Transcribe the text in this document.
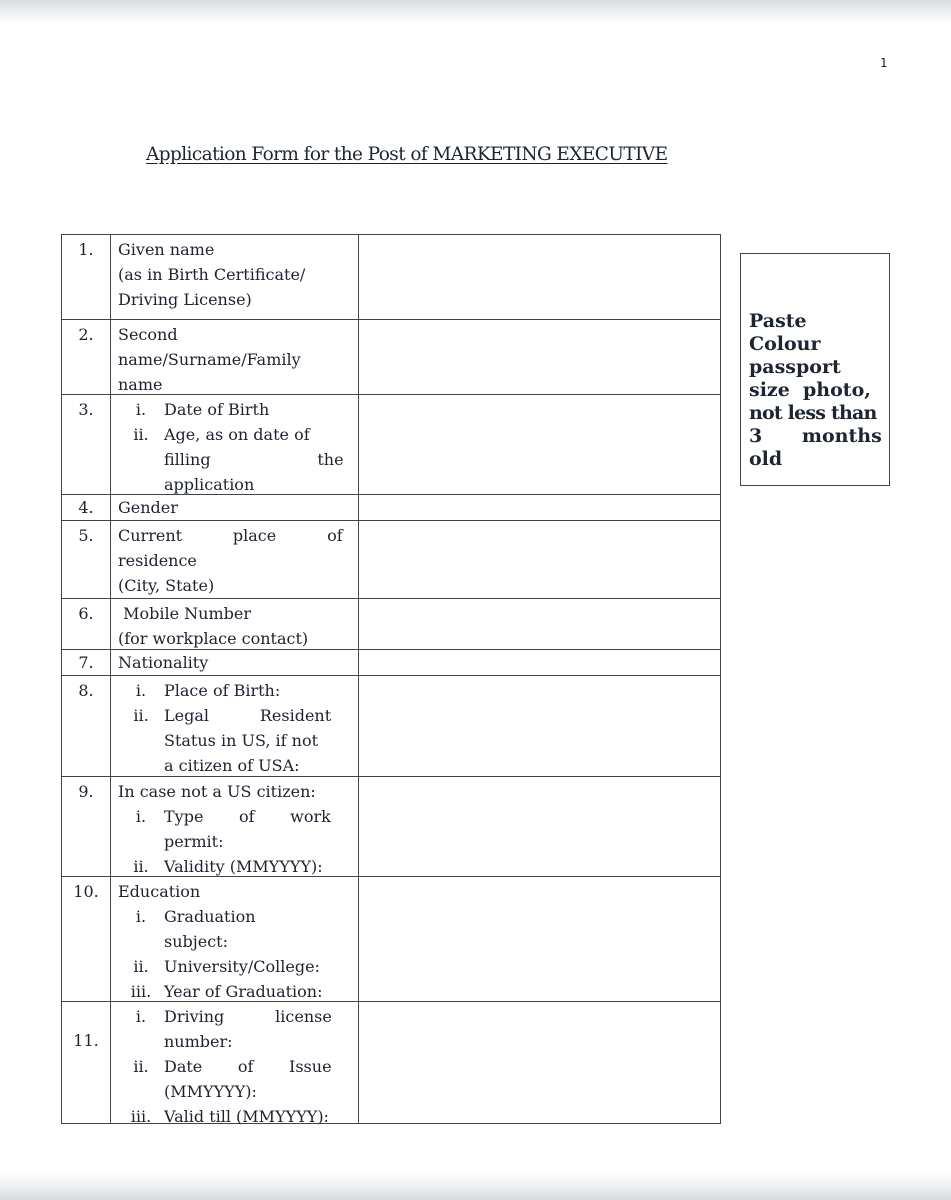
1
Application Form for the Post of MARKETING EXECUTIVE
1.	Given name
(as in Birth Certificate/
Driving License)
2.	Second
name/Surname/Family
name
3.	i.	Date of Birth
ii. Age, as on date of
filling                     the
application
4.	Gender
5.	Current          place          of
residence
(City, State)
6.	Mobile Number
(for workplace contact)
7.	Nationality
8.	i.	Place of Birth:
ii. Legal          Resident
Status in US, if not
a citizen of USA:
9.	In case not a US citizen:
i.	Type       of       work
permit:
ii. Validity (MMYYYY):
10.	Education
i.	Graduation
subject:
ii. University/College:
iii. Year of Graduation:
11.
i.	Driving          license
number:
ii. Date       of       Issue
(MMYYYY):
iii. Valid till (MMYYYY):
Paste
Colour
passport
size  photo,
not less than
3      months
old
